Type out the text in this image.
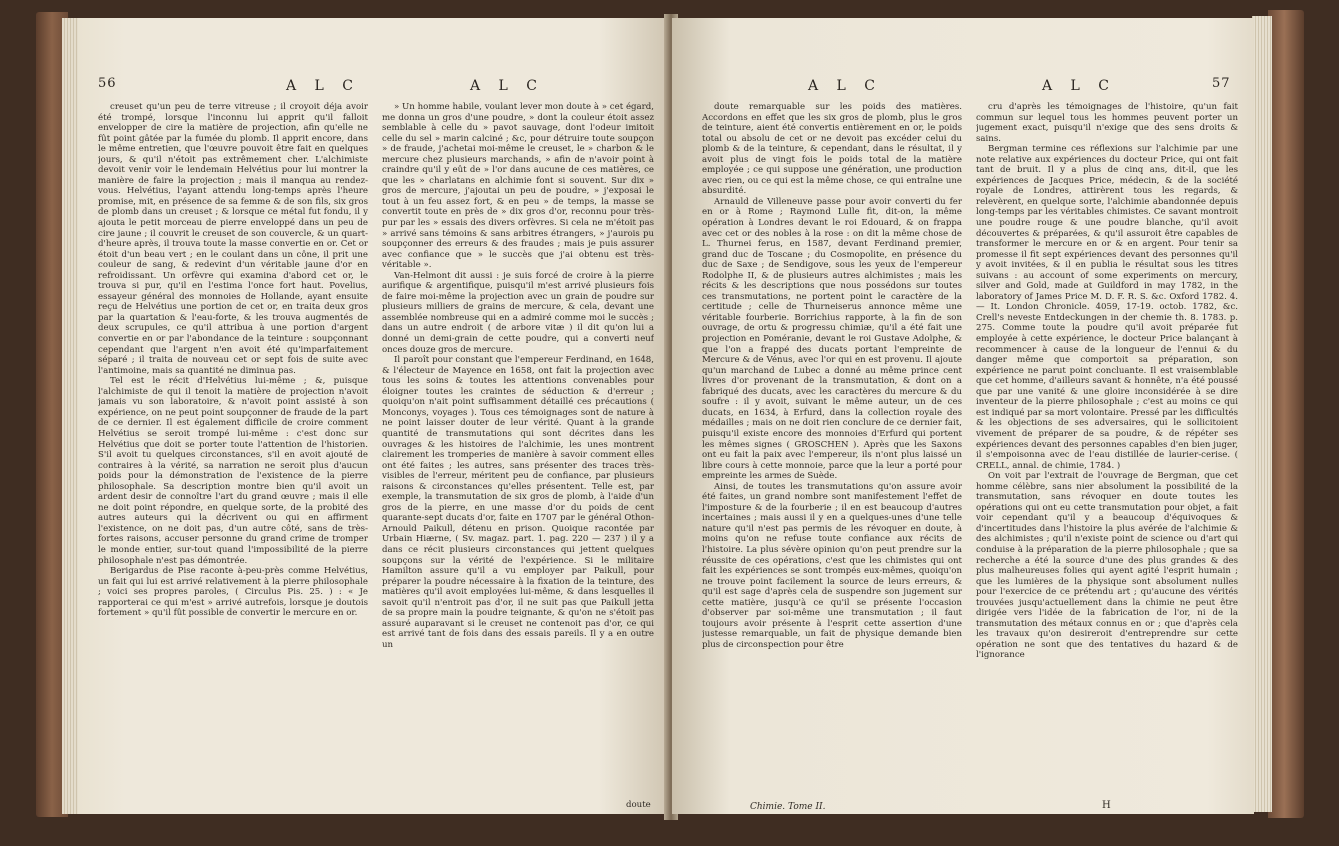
56	A L C	A L C

creuset qu'un peu de terre vitreuse ; il croyoit déja avoir été trompé, lorsque l'inconnu lui apprit qu'il falloit envelopper de cire la matière de projection, afin qu'elle ne fût point gâtée par la fumée du plomb. Il apprit encore, dans le même entretien, que l'œuvre pouvoit être fait en quelques jours, & qu'il n'étoit pas extrêmement cher. L'alchimiste devoit venir voir le lendemain Helvétius pour lui montrer la manière de faire la projection ; mais il manqua au rendez-vous. Helvétius, l'ayant attendu long-temps après l'heure promise, mit, en présence de sa femme & de son fils, six gros de plomb dans un creuset ; & lorsque ce métal fut fondu, il y ajouta le petit morceau de pierre enveloppé dans un peu de cire jaune ; il couvrit le creuset de son couvercle, & un quart-d'heure après, il trouva toute la masse convertie en or. Cet or étoit d'un beau vert ; en le coulant dans un cône, il prit une couleur de sang, & redevint d'un véritable jaune d'or en refroidissant. Un orfèvre qui examina d'abord cet or, le trouva si pur, qu'il en l'estima l'once fort haut. Povelius, essayeur général des monnoies de Hollande, ayant ensuite reçu de Helvétius une portion de cet or, en traita deux gros par la quartation & l'eau-forte, & les trouva augmentés de deux scrupules, ce qu'il attribua à une portion d'argent convertie en or par l'abondance de la teinture : soupçonnant cependant que l'argent n'en avoit été qu'imparfaitement séparé ; il traita de nouveau cet or sept fois de suite avec l'antimoine, mais sa quantité ne diminua pas.

Tel est le récit d'Helvétius lui-même ; &, puisque l'alchimiste de qui il tenoit la matière de projection n'avoit jamais vu son laboratoire, & n'avoit point assisté à son expérience, on ne peut point soupçonner de fraude de la part de ce dernier. Il est également difficile de croire comment Helvétius se seroit trompé lui-même : c'est donc sur Helvétius que doit se porter toute l'attention de l'historien. S'il avoit tu quelques circonstances, s'il en avoit ajouté de contraires à la vérité, sa narration ne seroit plus d'aucun poids pour la démonstration de l'existence de la pierre philosophale. Sa description montre bien qu'il avoit un ardent desir de connoître l'art du grand œuvre ; mais il elle ne doit point répondre, en quelque sorte, de la probité des autres auteurs qui la décrivent ou qui en affirment l'existence, on ne doit pas, d'un autre côté, sans de très-fortes raisons, accuser personne du grand crime de tromper le monde entier, sur-tout quand l'impossibilité de la pierre philosophale n'est pas démontrée.

Berigardus de Pise raconte à-peu-près comme Helvétius, un fait qui lui est arrivé relativement à la pierre philosophale ; voici ses propres paroles, ( Circulus Pis. 25. ) : « Je rapporterai ce qui m'est » arrivé autrefois, lorsque je doutois fortement » qu'il fût possible de convertir le mercure en or.

» Un homme habile, voulant lever mon doute à » cet égard, me donna un gros d'une poudre, » dont la couleur étoit assez semblable à celle du » pavot sauvage, dont l'odeur imitoit celle du sel » marin calciné ; &c, pour détruire toute soupçon » de fraude, j'achetai moi-même le creuset, le » charbon & le mercure chez plusieurs marchands, » afin de n'avoir point à craindre qu'il y eût de » l'or dans aucune de ces matières, ce que les » charlatans en alchimie font si souvent. Sur dix » gros de mercure, j'ajoutai un peu de poudre, » j'exposai le tout à un feu assez fort, & en peu » de temps, la masse se convertit toute en près de » dix gros d'or, reconnu pour très-pur par les » essais des divers orfèvres. Si cela ne m'étoit pas » arrivé sans témoins & sans arbitres étrangers, » j'aurois pu soupçonner des erreurs & des fraudes ; mais je puis assurer avec confiance que » le succès que j'ai obtenu est très-véritable ».

Van-Helmont dit aussi : je suis forcé de croire à la pierre aurifique & argentifique, puisqu'il m'est arrivé plusieurs fois de faire moi-même la projection avec un grain de poudre sur plusieurs milliers de grains de mercure, & cela, devant une assemblée nombreuse qui en a admiré comme moi le succès ; dans un autre endroit ( de arbore vitæ ) il dit qu'on lui a donné un demi-grain de cette poudre, qui a converti neuf onces douze gros de mercure.

Il paroît pour constant que l'empereur Ferdinand, en 1648, & l'électeur de Mayence en 1658, ont fait la projection avec tous les soins & toutes les attentions convenables pour éloigner toutes les craintes de séduction & d'erreur ; quoiqu'on n'ait point suffisamment détaillé ces précautions ( Monconys, voyages ). Tous ces témoignages sont de nature à ne point laisser douter de leur vérité. Quant à la grande quantité de transmutations qui sont décrites dans les ouvrages & les histoires de l'alchimie, les unes montrent clairement les tromperies de manière à savoir comment elles ont été faites ; les autres, sans présenter des traces très-visibles de l'erreur, méritent peu de confiance, par plusieurs raisons & circonstances qu'elles présentent. Telle est, par exemple, la transmutation de six gros de plomb, à l'aide d'un gros de la pierre, en une masse d'or du poids de cent quarante-sept ducats d'or, faite en 1707 par le général Othon-Arnould Paikull, détenu en prison. Quoique racontée par Urbain Hiærne, ( Sv. magaz. part. 1. pag. 220 — 237 ) il y a dans ce récit plusieurs circonstances qui jettent quelques soupçons sur la vérité de l'expérience. Si le militaire Hamilton assure qu'il a vu employer par Paikull, pour préparer la poudre nécessaire à la fixation de la teinture, des matières qu'il avoit employées lui-même, & dans lesquelles il savoit qu'il n'entroit pas d'or, il ne suit pas que Paikull jetta de sa propre main la poudre teignante, & qu'on ne s'étoit pas assuré auparavant si le creuset ne contenoit pas d'or, ce qui est arrivé tant de fois dans des essais pareils. Il y a en outre un

doute
A L C	A L C	57

doute remarquable sur les poids des matières. Accordons en effet que les six gros de plomb, plus le gros de teinture, aient été convertis entièrement en or, le poids total ou absolu de cet or ne devoit pas excéder celui du plomb & de la teinture, & cependant, dans le résultat, il y avoit plus de vingt fois le poids total de la matière employée ; ce qui suppose une génération, une production avec rien, ou ce qui est la même chose, ce qui entraîne une absurdité.

Arnauld de Villeneuve passe pour avoir converti du fer en or à Rome ; Raymond Lulle fit, dit-on, la même opération à Londres devant le roi Edouard, & on frappa avec cet or des nobles à la rose : on dit la même chose de L. Thurnei ferus, en 1587, devant Ferdinand premier, grand duc de Toscane ; du Cosmopolite, en présence du duc de Saxe ; de Sendigove, sous les yeux de l'empereur Rodolphe II, & de plusieurs autres alchimistes ; mais les récits & les descriptions que nous possédons sur toutes ces transmutations, ne portent point le caractère de la certitude ; celle de Thurneiserus annonce même une véritable fourberie. Borrichius rapporte, à la fin de son ouvrage, de ortu & progressu chimiæ, qu'il a été fait une projection en Poméranie, devant le roi Gustave Adolphe, & que l'on a frappé des ducats portant l'empreinte de Mercure & de Vénus, avec l'or qui en est provenu. Il ajoute qu'un marchand de Lubec a donné au même prince cent livres d'or provenant de la transmutation, & dont on a fabriqué des ducats, avec les caractères du mercure & du soufre : il y avoit, suivant le même auteur, un de ces ducats, en 1634, à Erfurd, dans la collection royale des médailles ; mais on ne doit rien conclure de ce dernier fait, puisqu'il existe encore des monnoies d'Erfurd qui portent les mêmes signes ( GROSCHEN ). Après que les Saxons ont eu fait la paix avec l'empereur, ils n'ont plus laissé un libre cours à cette monnoie, parce que la leur a porté pour empreinte les armes de Suède.

Ainsi, de toutes les transmutations qu'on assure avoir été faites, un grand nombre sont manifestement l'effet de l'imposture & de la fourberie ; il en est beaucoup d'autres incertaines ; mais aussi il y en a quelques-unes d'une telle nature qu'il n'est pas permis de les révoquer en doute, à moins qu'on ne refuse toute confiance aux récits de l'histoire. La plus sévère opinion qu'on peut prendre sur la réussite de ces opérations, c'est que les chimistes qui ont fait les expériences se sont trompés eux-mêmes, quoiqu'on ne trouve point facilement la source de leurs erreurs, & qu'il est sage d'après cela de suspendre son jugement sur cette matière, jusqu'à ce qu'il se présente l'occasion d'observer par soi-même une transmutation ; il faut toujours avoir présente à l'esprit cette assertion d'une justesse remarquable, un fait de physique demande bien plus de circonspection pour être

cru d'après les témoignages de l'histoire, qu'un fait commun sur lequel tous les hommes peuvent porter un jugement exact, puisqu'il n'exige que des sens droits & sains.

Bergman termine ces réflexions sur l'alchimie par une note relative aux expériences du docteur Price, qui ont fait tant de bruit. Il y a plus de cinq ans, dit-il, que les expériences de Jacques Price, médecin, & de la société royale de Londres, attirèrent tous les regards, & relevèrent, en quelque sorte, l'alchimie abandonnée depuis long-temps par les véritables chimistes. Ce savant montroit une poudre rouge & une poudre blanche, qu'il avoit découvertes & préparées, & qu'il assuroit être capables de transformer le mercure en or & en argent. Pour tenir sa promesse il fit sept expériences devant des personnes qu'il y avoit invitées, & il en publia le résultat sous les titres suivans : au account of some experiments on mercury, silver and Gold, made at Guildford in may 1782, in the laboratory of James Price M. D. F. R. S. &c. Oxford 1782. 4. — It. London Chronicle. 4059, 17-19. octob. 1782, &c. Crell's neveste Entdeckungen in der chemie th. 8. 1783. p. 275. Comme toute la poudre qu'il avoit préparée fut employée à cette expérience, le docteur Price balançant à recommencer à cause de la longueur de l'ennui & du danger même que comportoit sa préparation, son expérience ne parut point concluante. Il est vraisemblable que cet homme, d'ailleurs savant & honnête, n'a été poussé que par une vanité & une gloire inconsidérée à se dire inventeur de la pierre philosophale ; c'est au moins ce qui est indiqué par sa mort volontaire. Pressé par les difficultés & les objections de ses adversaires, qui le sollicitoient vivement de préparer de sa poudre, & de répéter ses expériences devant des personnes capables d'en bien juger, il s'empoisonna avec de l'eau distillée de laurier-cerise. ( CRELL, annal. de chimie, 1784. )

On voit par l'extrait de l'ouvrage de Bergman, que cet homme célèbre, sans nier absolument la possibilité de la transmutation, sans révoquer en doute toutes les opérations qui ont eu cette transmutation pour objet, a fait voir cependant qu'il y a beaucoup d'équivoques & d'incertitudes dans l'histoire la plus avérée de l'alchimie & des alchimistes ; qu'il n'existe point de science ou d'art qui conduise à la préparation de la pierre philosophale ; que sa recherche a été la source d'une des plus grandes & des plus malheureuses folies qui ayent agité l'esprit humain ; que les lumières de la physique sont absolument nulles pour l'exercice de ce prétendu art ; qu'aucune des vérités trouvées jusqu'actuellement dans la chimie ne peut être dirigée vers l'idée de la fabrication de l'or, ni de la transmutation des métaux connus en or ; que d'après cela les travaux qu'on desireroit d'entreprendre sur cette opération ne sont que des tentatives du hazard & de l'ignorance

Chimie. Tome II.	H
